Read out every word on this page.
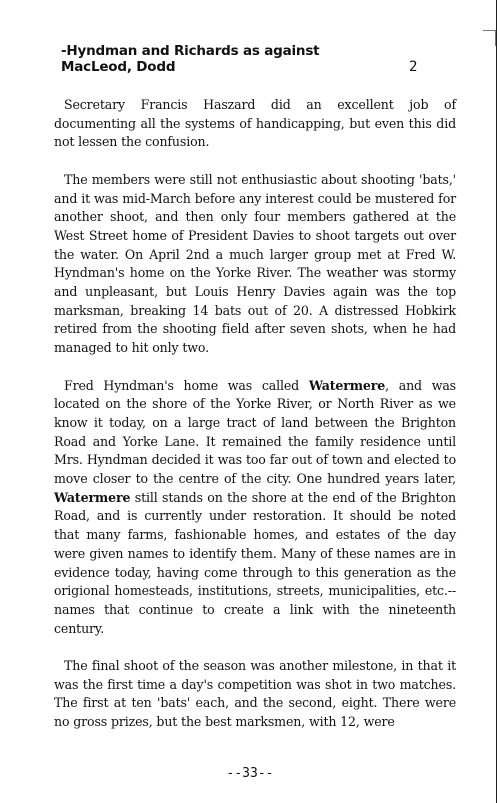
-Hyndman and Richards as against
MacLeod, Dodd	2

Secretary Francis Haszard did an excellent job of documenting all the systems of handicapping, but even this did not lessen the confusion.

The members were still not enthusiastic about shooting 'bats,' and it was mid-March before any interest could be mustered for another shoot, and then only four members gathered at the West Street home of President Davies to shoot targets out over the water. On April 2nd a much larger group met at Fred W. Hyndman's home on the Yorke River. The weather was stormy and unpleasant, but Louis Henry Davies again was the top marksman, breaking 14 bats out of 20. A distressed Hobkirk retired from the shooting field after seven shots, when he had managed to hit only two.

Fred Hyndman's home was called Watermere, and was located on the shore of the Yorke River, or North River as we know it today, on a large tract of land between the Brighton Road and Yorke Lane. It remained the family residence until Mrs. Hyndman decided it was too far out of town and elected to move closer to the centre of the city. One hundred years later, Watermere still stands on the shore at the end of the Brighton Road, and is currently under restoration. It should be noted that many farms, fashionable homes, and estates of the day were given names to identify them. Many of these names are in evidence today, having come through to this generation as the origional homesteads, institutions, streets, municipalities, etc.--names that continue to create a link with the nineteenth century.

The final shoot of the season was another milestone, in that it was the first time a day's competition was shot in two matches. The first at ten 'bats' each, and the second, eight. There were no gross prizes, but the best marksmen, with 12, were

--33--
